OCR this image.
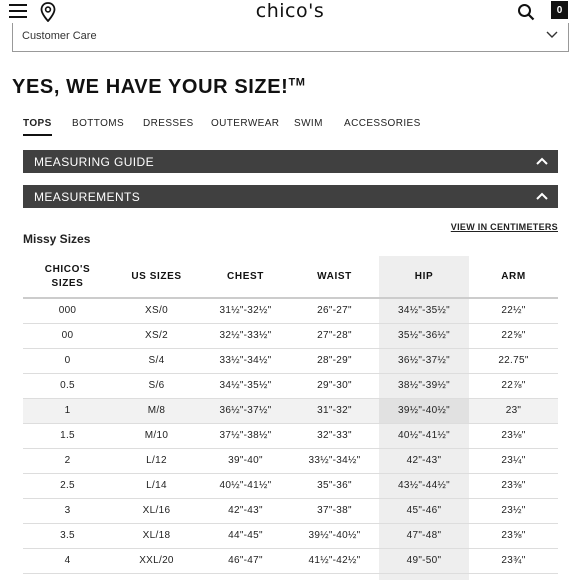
chico's	0
Customer Care
YES, WE HAVE YOUR SIZE!™
TOPS BOTTOMS DRESSES OUTERWEAR SWIM ACCESSORIES
MEASURING GUIDE
MEASUREMENTS
Missy Sizes
VIEW IN CENTIMETERS
CHICO'S
SIZES	US SIZES	CHEST	WAIST	HIP	ARM
000	XS/0	31½"-32½"	26"-27"	34½"-35½"	22½"
00	XS/2	32½"-33½"	27"-28"	35½"-36½"	22⅝"
0	S/4	33½"-34½"	28"-29"	36½"-37½"	22.75"
0.5	S/6	34½"-35½"	29"-30"	38½"-39½"	22⅞"
1	M/8	36½"-37½"	31"-32"	39½"-40½"	23"
1.5	M/10	37½"-38½"	32"-33"	40½"-41½"	23⅛"
2	L/12	39"-40"	33½"-34½"	42"-43"	23¼"
2.5	L/14	40½"-41½"	35"-36"	43½"-44½"	23⅜"
3	XL/16	42"-43"	37"-38"	45"-46"	23½"
3.5	XL/18	44"-45"	39½"-40½"	47"-48"	23⅝"
4	XXL/20	46"-47"	41½"-42½"	49"-50"	23¾"
